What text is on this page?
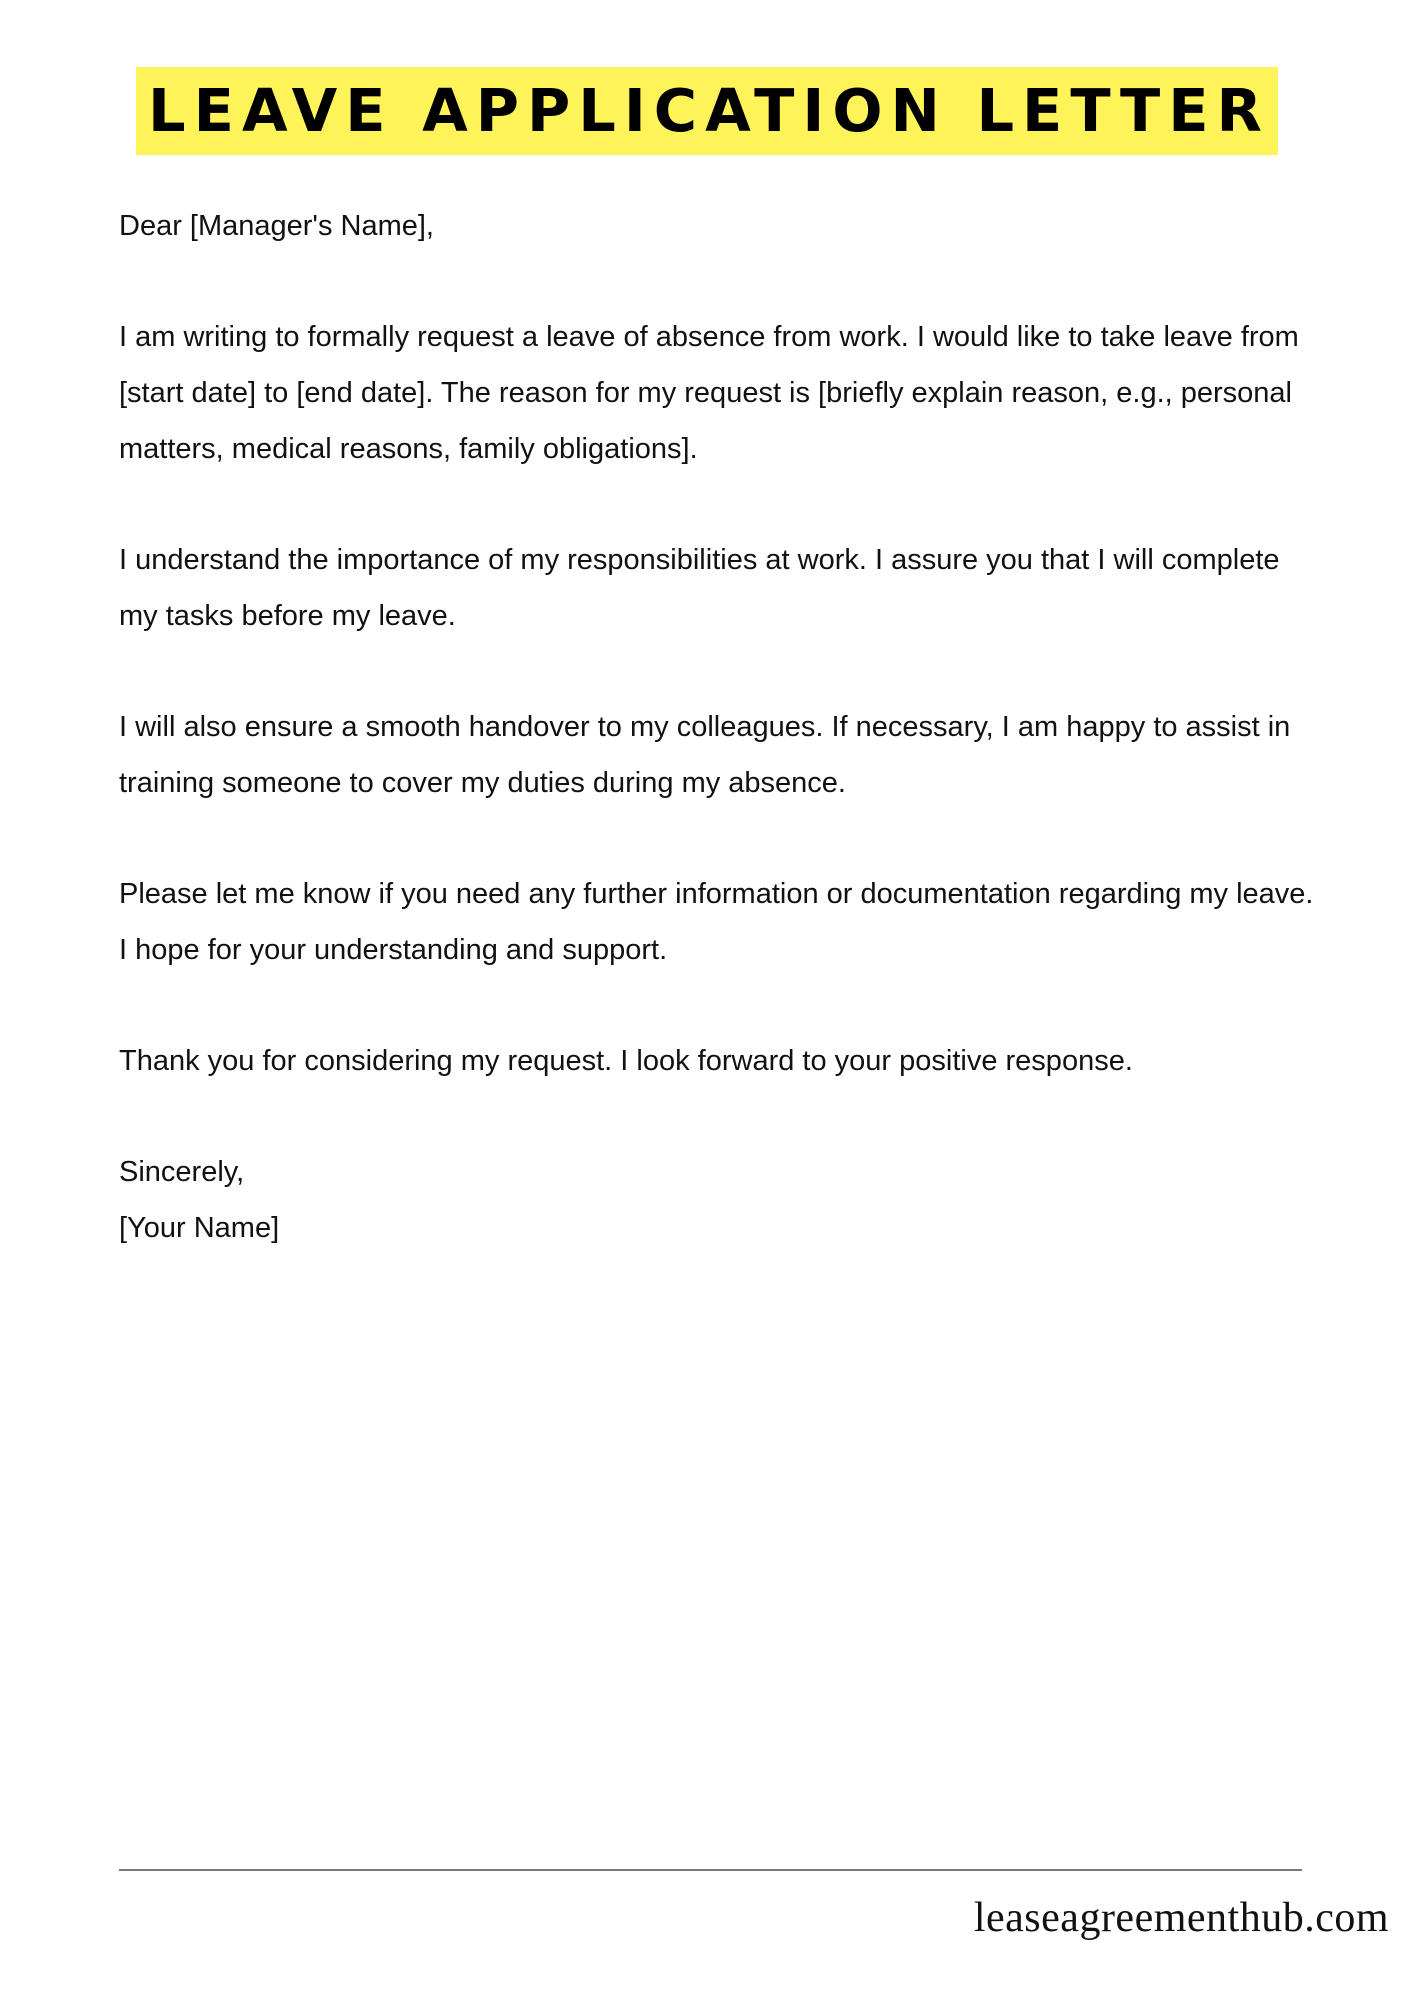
LEAVE APPLICATION LETTER

Dear [Manager's Name],

I am writing to formally request a leave of absence from work. I would like to take leave from [start date] to [end date]. The reason for my request is [briefly explain reason, e.g., personal matters, medical reasons, family obligations].

I understand the importance of my responsibilities at work. I assure you that I will complete my tasks before my leave.

I will also ensure a smooth handover to my colleagues. If necessary, I am happy to assist in training someone to cover my duties during my absence.

Please let me know if you need any further information or documentation regarding my leave. I hope for your understanding and support.

Thank you for considering my request. I look forward to your positive response.

Sincerely,
[Your Name]
leaseagreementhub.com
